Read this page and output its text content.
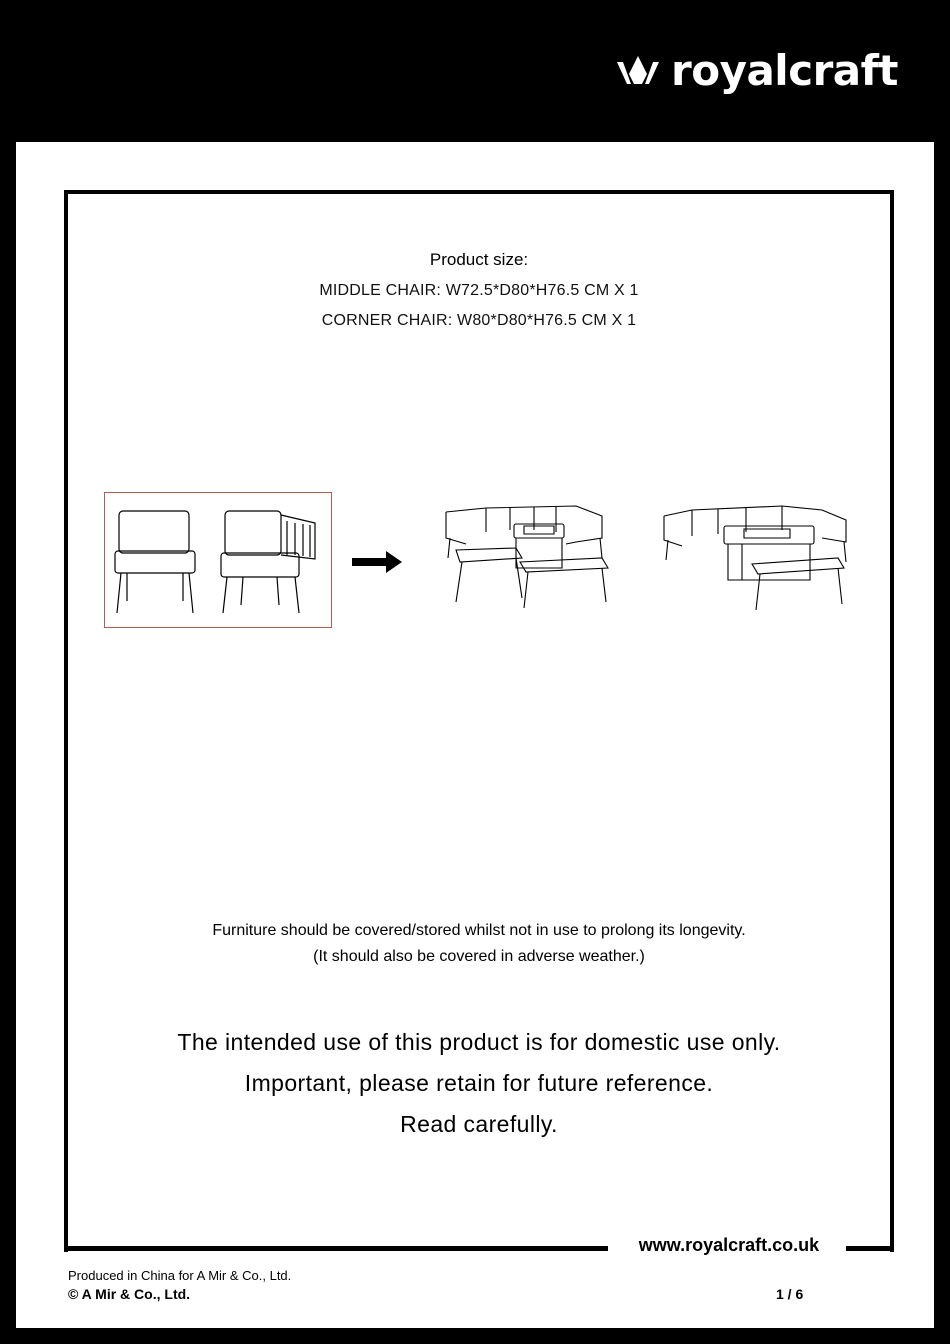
royalcraft
www.royalcraft.co.uk
Product size:
MIDDLE CHAIR: W72.5*D80*H76.5 CM X 1
CORNER CHAIR: W80*D80*H76.5 CM X 1
Furniture should be covered/stored whilst not in use to prolong its longevity.
(It should also be covered in adverse weather.)
The intended use of this product is for domestic use only.
Important, please retain for future reference.
Read carefully.
Produced in China for A Mir & Co., Ltd.
© A Mir & Co., Ltd.	1 / 6
